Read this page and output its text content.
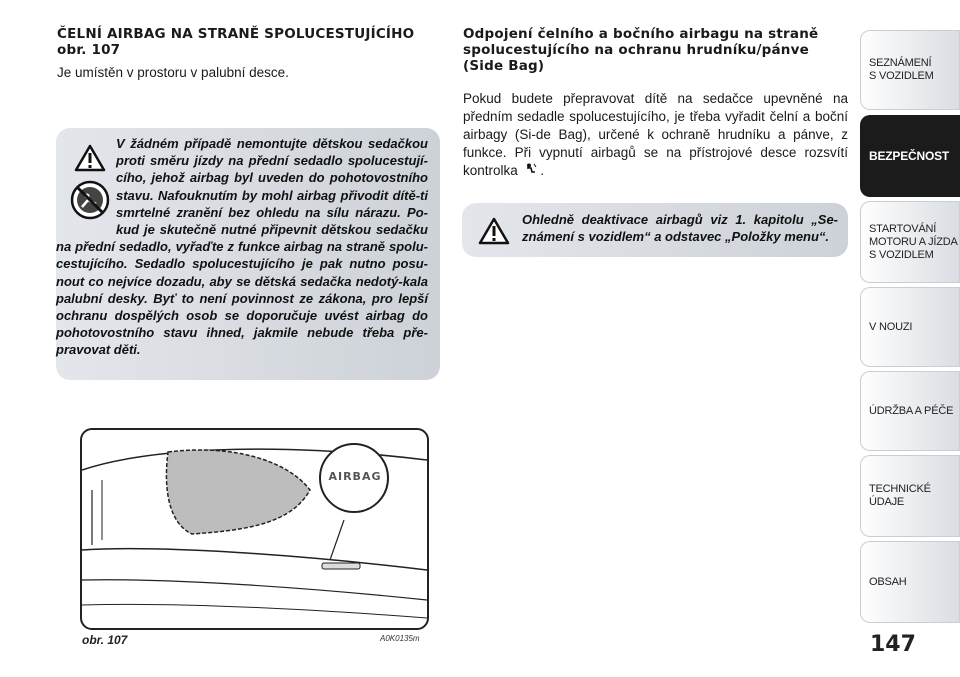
ČELNÍ AIRBAG NA STRANĚ SPOLUCESTUJÍCÍHO obr. 107
Je umístěn v prostoru v palubní desce.
V žádném případě nemontujte dětskou sedačkou proti směru jízdy na přední sedadlo spolucestují-cího, jehož airbag byl uveden do pohotovostního stavu. Nafouknutím by mohl airbag přivodit dítě-ti smrtelné zranění bez ohledu na sílu nárazu. Po-kud je skutečně nutné připevnit dětskou sedačku na přední sedadlo, vyřaďte z funkce airbag na straně spolu-cestujícího. Sedadlo spolucestujícího je pak nutno posu-nout co nejvíce dozadu, aby se dětská sedačka nedotý-kala palubní desky. Byť to není povinnost ze zákona, pro lepší ochranu dospělých osob se doporučuje uvést airbag do pohotovostního stavu ihned, jakmile nebude třeba pře-pravovat děti.
AIRBAG
obr. 107	A0K0135m
Odpojení čelního a bočního airbagu na straně spolucestujícího na ochranu hrudníku/pánve (Side Bag)
Pokud budete přepravovat dítě na sedačce upevněné na předním sedadle spolucestujícího, je třeba vyřadit čelní a boční airbagy (Si-de Bag), určené k ochraně hrudníku a pánve, z funkce. Při vypnutí airbagů se na přístrojové desce rozsvítí kontrolka .
Ohledně deaktivace airbagů viz 1. kapitolu „Se-známení s vozidlem“ a odstavec „Položky menu“.
SEZNÁMENÍ
S VOZIDLEM
BEZPEČNOST
STARTOVÁNÍ
MOTORU A JÍZDA
S VOZIDLEM
V NOUZI
ÚDRŽBA A PÉČE
TECHNICKÉ
ÚDAJE
OBSAH
147
